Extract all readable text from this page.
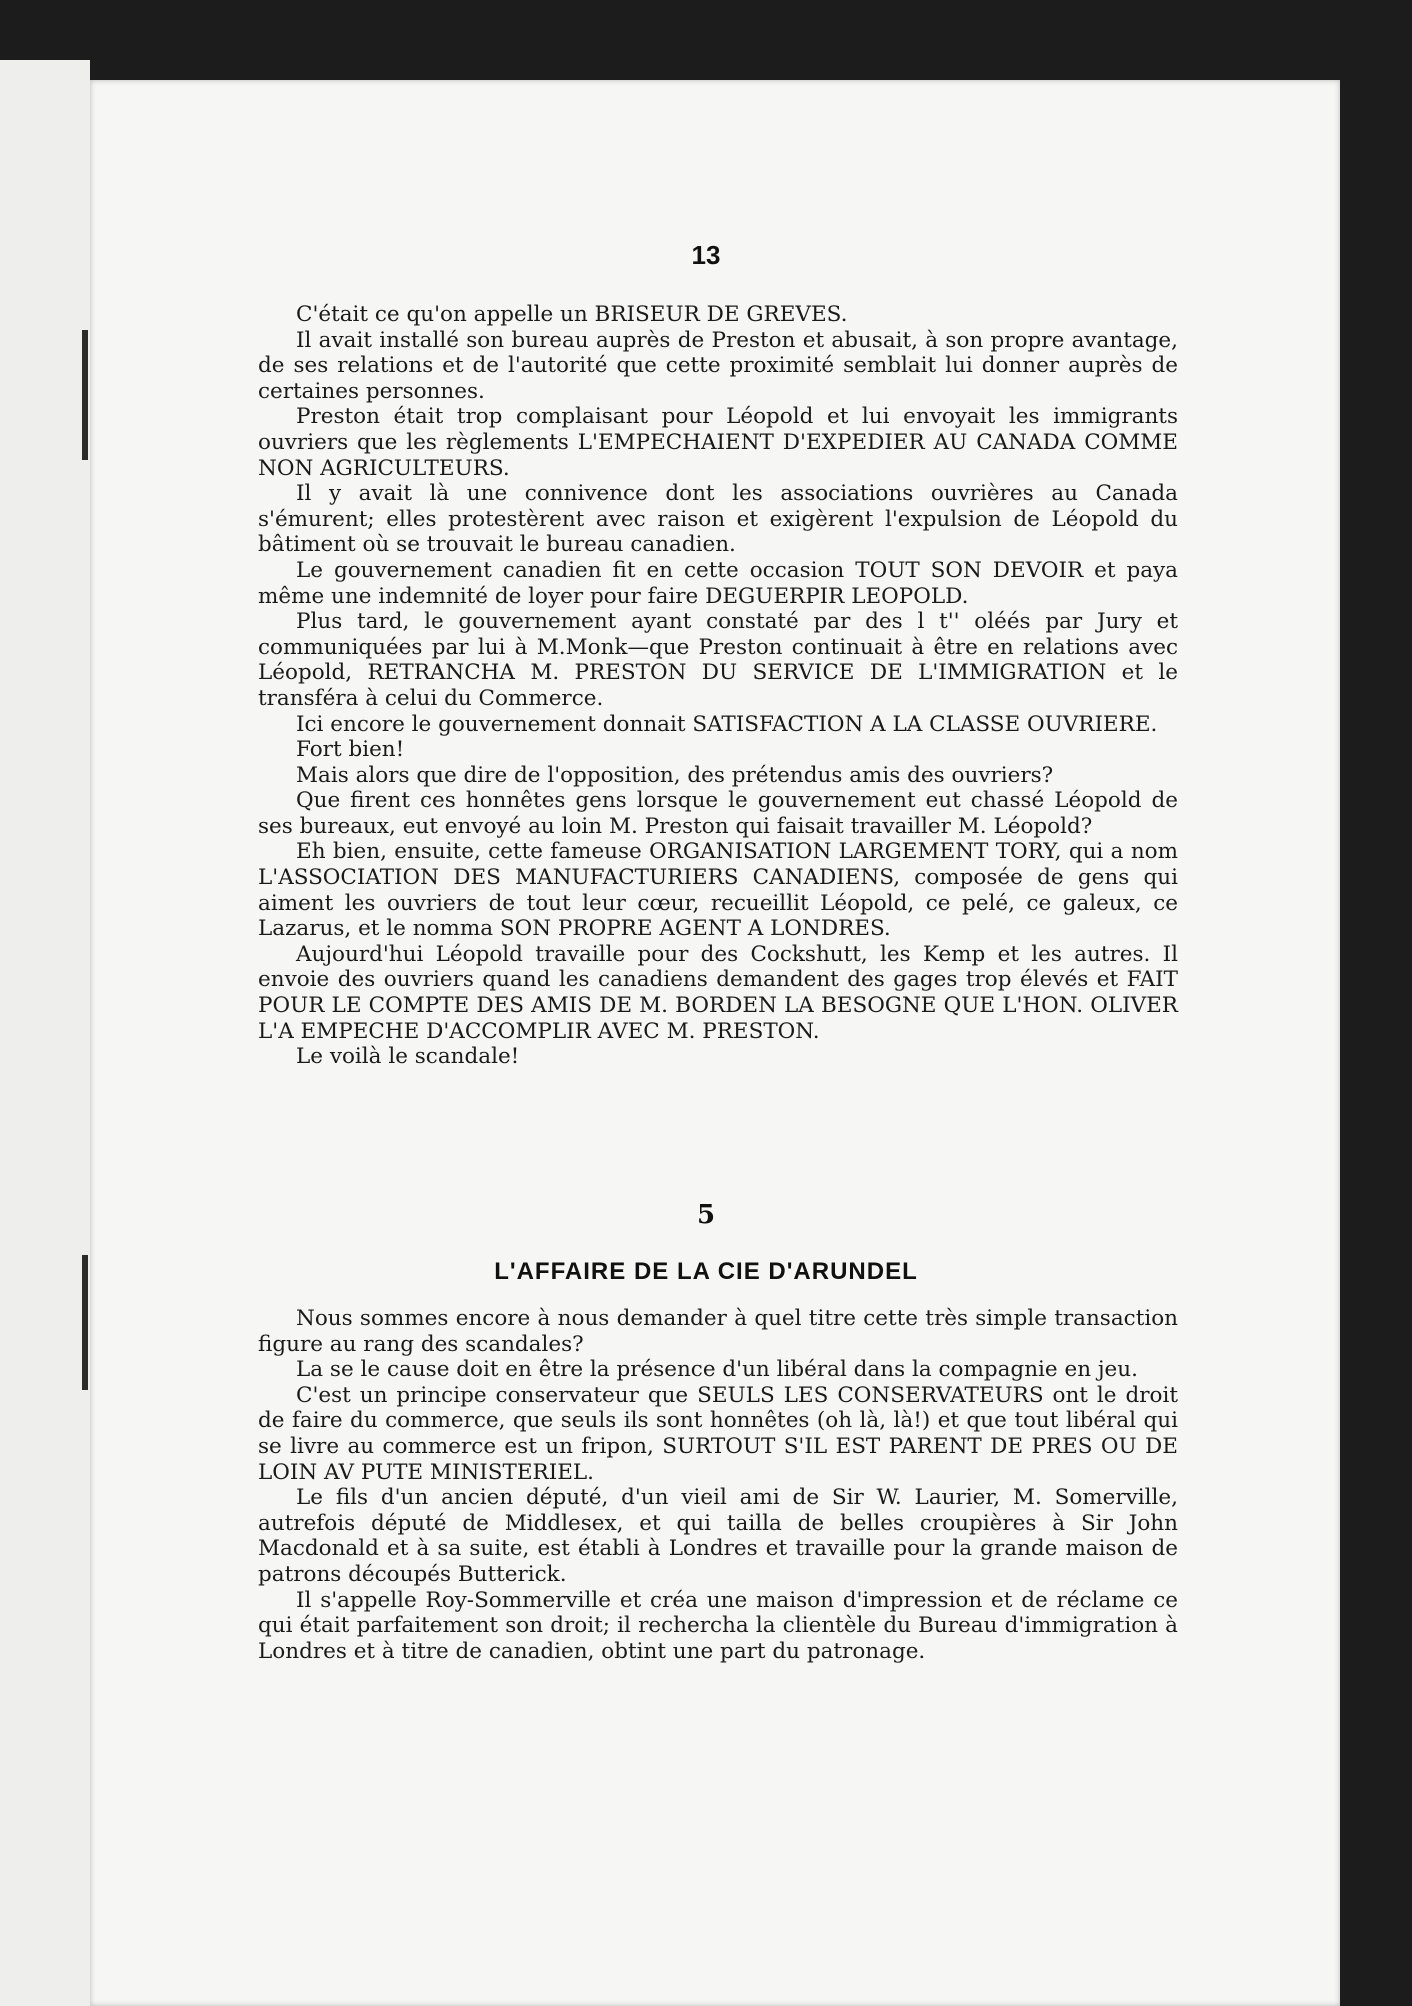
13

C'était ce qu'on appelle un BRISEUR DE GREVES.

Il avait installé son bureau auprès de Preston et abusait, à son propre avantage, de ses relations et de l'autorité que cette proximité semblait lui donner auprès de certaines personnes.

Preston était trop complaisant pour Léopold et lui envoyait les immigrants ouvriers que les règlements L'EMPECHAIENT D'EXPEDIER AU CANADA COMME NON AGRICULTEURS.

Il y avait là une connivence dont les associations ouvrières au Canada s'émurent; elles protestèrent avec raison et exigèrent l'expulsion de Léopold du bâtiment où se trouvait le bureau canadien.

Le gouvernement canadien fit en cette occasion TOUT SON DEVOIR et paya même une indemnité de loyer pour faire DEGUERPIR LEOPOLD.

Plus tard, le gouvernement ayant constaté par des l t'' oléés par Jury et communiquées par lui à M.Monk—que Preston continuait à être en relations avec Léopold, RETRANCHA M. PRESTON DU SERVICE DE L'IMMIGRATION et le transféra à celui du Commerce.

Ici encore le gouvernement donnait SATISFACTION A LA CLASSE OUVRIERE.

Fort bien!

Mais alors que dire de l'opposition, des prétendus amis des ouvriers?

Que firent ces honnêtes gens lorsque le gouvernement eut chassé Léopold de ses bureaux, eut envoyé au loin M. Preston qui faisait travailler M. Léopold?

Eh bien, ensuite, cette fameuse ORGANISATION LARGEMENT TORY, qui a nom L'ASSOCIATION DES MANUFACTURIERS CANADIENS, composée de gens qui aiment les ouvriers de tout leur cœur, recueillit Léopold, ce pelé, ce galeux, ce Lazarus, et le nomma SON PROPRE AGENT A LONDRES.

Aujourd'hui Léopold travaille pour des Cockshutt, les Kemp et les autres. Il envoie des ouvriers quand les canadiens demandent des gages trop élevés et FAIT POUR LE COMPTE DES AMIS DE M. BORDEN LA BESOGNE QUE L'HON. OLIVER L'A EMPECHE D'ACCOMPLIR AVEC M. PRESTON.

Le voilà le scandale!

5
L'AFFAIRE DE LA CIE D'ARUNDEL

Nous sommes encore à nous demander à quel titre cette très simple transaction figure au rang des scandales?

La se le cause doit en être la présence d'un libéral dans la compagnie en jeu.

C'est un principe conservateur que SEULS LES CONSERVATEURS ont le droit de faire du commerce, que seuls ils sont honnêtes (oh là, là!) et que tout libéral qui se livre au commerce est un fripon, SURTOUT S'IL EST PARENT DE PRES OU DE LOIN AV PUTE MINISTERIEL.

Le fils d'un ancien député, d'un vieil ami de Sir W. Laurier, M. Somerville, autrefois député de Middlesex, et qui tailla de belles croupières à Sir John Macdonald et à sa suite, est établi à Londres et travaille pour la grande maison de patrons découpés Butterick.

Il s'appelle Roy-Sommerville et créa une maison d'impression et de réclame ce qui était parfaitement son droit; il rechercha la clientèle du Bureau d'immigration à Londres et à titre de canadien, obtint une part du patronage.
